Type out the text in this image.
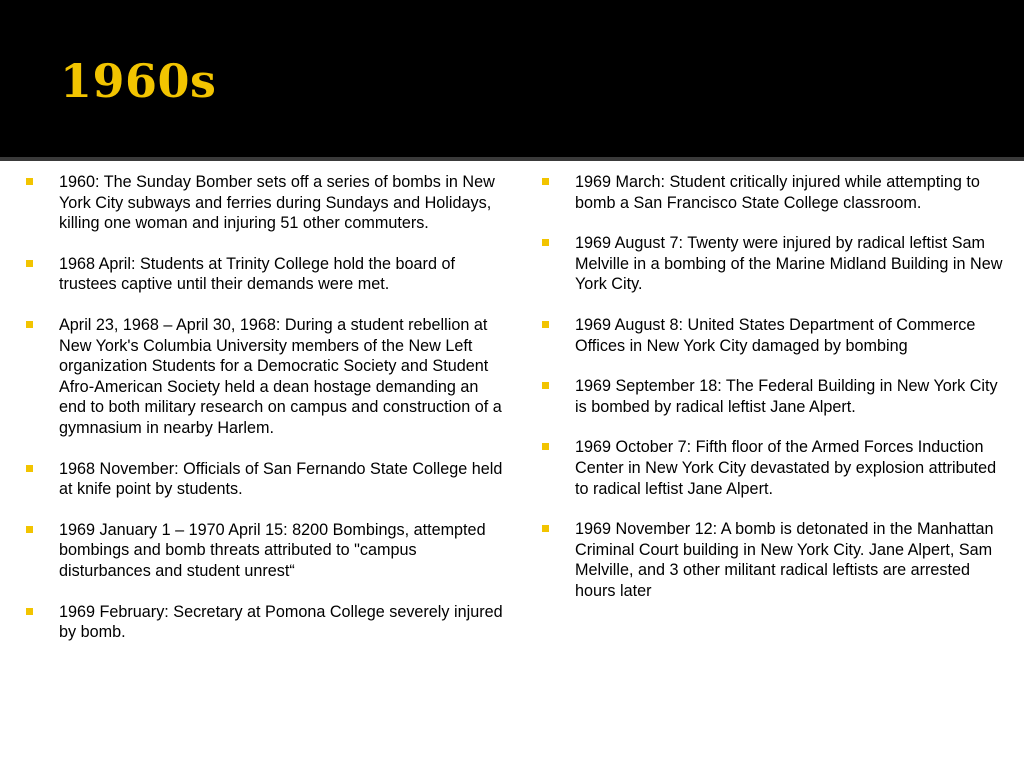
1960s
1960: The Sunday Bomber sets off a series of bombs in New York City subways and ferries during Sundays and Holidays, killing one woman and injuring 51 other commuters.
1968 April: Students at Trinity College hold the board of trustees captive until their demands were met.
April 23, 1968 – April 30, 1968: During a student rebellion at New York's Columbia University members of the New Left organization Students for a Democratic Society and Student Afro-American Society held a dean hostage demanding an end to both military research on campus and construction of a gymnasium in nearby Harlem.
1968 November: Officials of San Fernando State College held at knife point by students.
1969 January 1 – 1970 April 15: 8200 Bombings, attempted bombings and bomb threats attributed to "campus disturbances and student unrest“
1969 February: Secretary at Pomona College severely injured by bomb.
1969 March: Student critically injured while attempting to bomb a San Francisco State College classroom.
1969 August 7: Twenty were injured by radical leftist Sam Melville in a bombing of the Marine Midland Building in New York City.
1969 August 8: United States Department of Commerce Offices in New York City damaged by bombing
1969 September 18: The Federal Building in New York City is bombed by radical leftist Jane Alpert.
1969 October 7: Fifth floor of the Armed Forces Induction Center in New York City devastated by explosion attributed to radical leftist Jane Alpert.
1969 November 12: A bomb is detonated in the Manhattan Criminal Court building in New York City. Jane Alpert, Sam Melville, and 3 other militant radical leftists are arrested hours later
